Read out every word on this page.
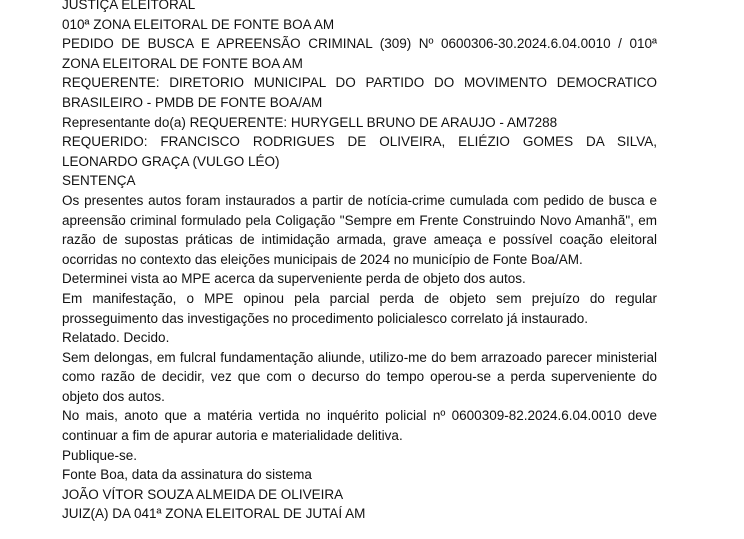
JUSTIÇA ELEITORAL

010ª ZONA ELEITORAL DE FONTE BOA AM

PEDIDO DE BUSCA E APREENSÃO CRIMINAL (309) Nº 0600306-30.2024.6.04.0010 / 010ª ZONA ELEITORAL DE FONTE BOA AM

REQUERENTE: DIRETORIO MUNICIPAL DO PARTIDO DO MOVIMENTO DEMOCRATICO BRASILEIRO - PMDB DE FONTE BOA/AM

Representante do(a) REQUERENTE: HURYGELL BRUNO DE ARAUJO - AM7288

REQUERIDO: FRANCISCO RODRIGUES DE OLIVEIRA, ELIÉZIO GOMES DA SILVA, LEONARDO GRAÇA (VULGO LÉO)

SENTENÇA

Os presentes autos foram instaurados a partir de notícia-crime cumulada com pedido de busca e apreensão criminal formulado pela Coligação "Sempre em Frente Construindo Novo Amanhã", em razão de supostas práticas de intimidação armada, grave ameaça e possível coação eleitoral ocorridas no contexto das eleições municipais de 2024 no município de Fonte Boa/AM.

Determinei vista ao MPE acerca da superveniente perda de objeto dos autos.

Em manifestação, o MPE opinou pela parcial perda de objeto sem prejuízo do regular prosseguimento das investigações no procedimento policialesco correlato já instaurado.

Relatado. Decido.

Sem delongas, em fulcral fundamentação aliunde, utilizo-me do bem arrazoado parecer ministerial como razão de decidir, vez que com o decurso do tempo operou-se a perda superveniente do objeto dos autos.

No mais, anoto que a matéria vertida no inquérito policial nº 0600309-82.2024.6.04.0010 deve continuar a fim de apurar autoria e materialidade delitiva.

Publique-se.

Fonte Boa, data da assinatura do sistema

JOÃO VÍTOR SOUZA ALMEIDA DE OLIVEIRA

JUIZ(A) DA 041ª ZONA ELEITORAL DE JUTAÍ AM
